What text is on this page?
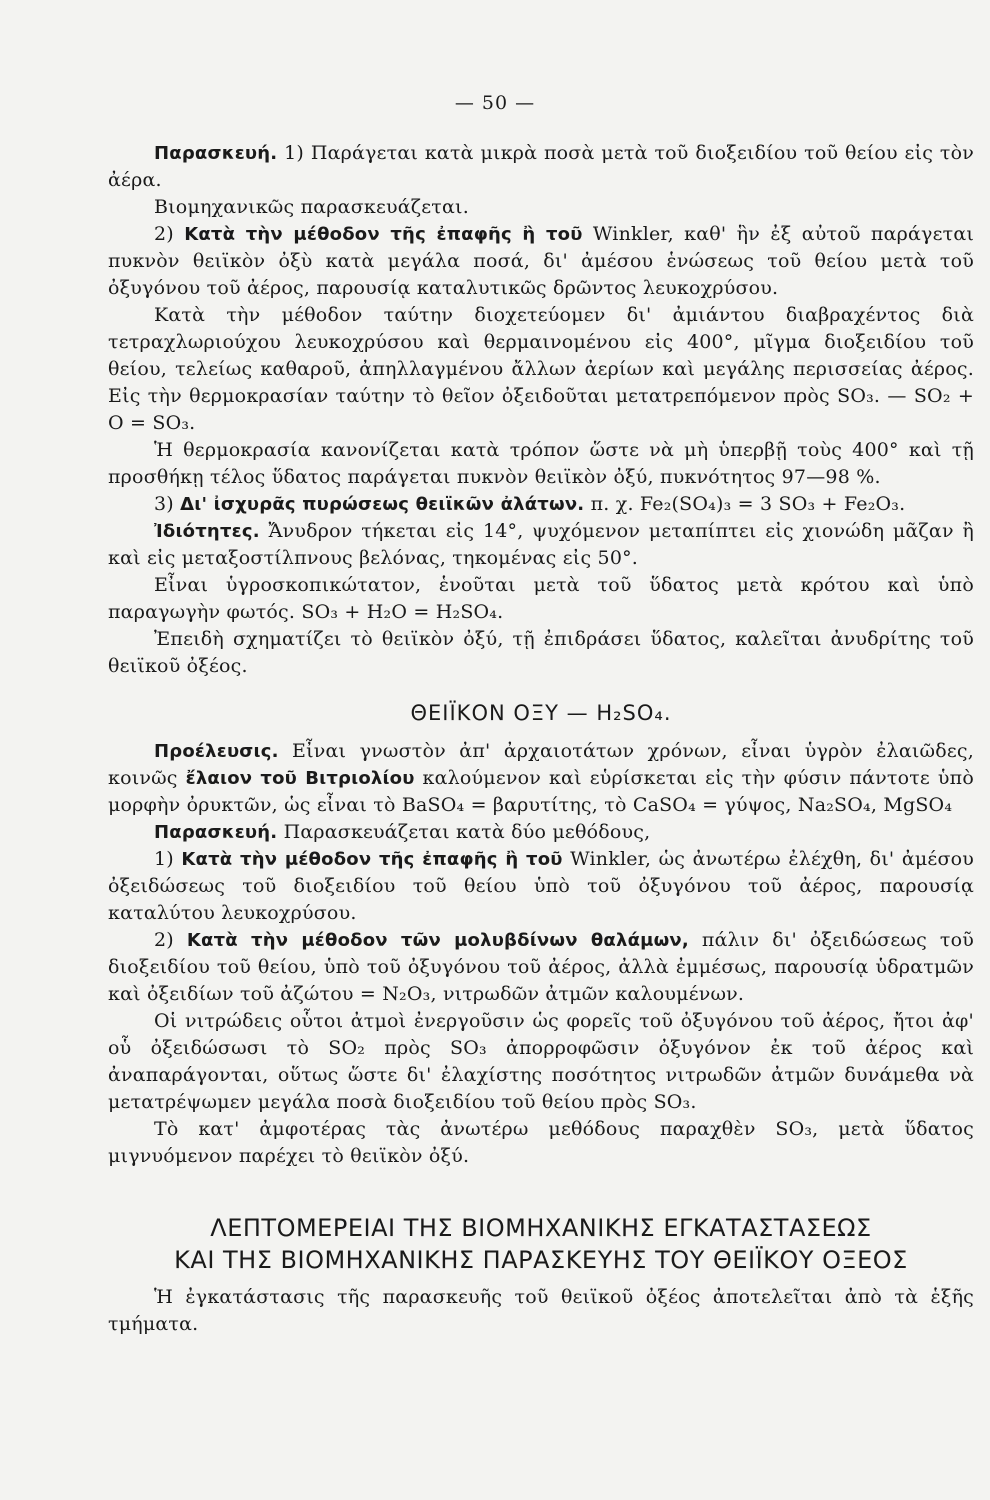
— 50 —

Παρασκευή. 1) Παράγεται κατὰ μικρὰ ποσὰ μετὰ τοῦ διοξειδίου τοῦ θείου εἰς τὸν ἀέρα.

Βιομηχανικῶς παρασκευάζεται.

2) Κατὰ τὴν μέθοδον τῆς ἐπαφῆς ἢ τοῦ Winkler, καθ' ἣν ἐξ αὐτοῦ παράγεται πυκνὸν θειϊκὸν ὀξὺ κατὰ μεγάλα ποσά, δι' ἀμέσου ἑνώσεως τοῦ θείου μετὰ τοῦ ὀξυγόνου τοῦ ἀέρος, παρουσίᾳ καταλυτικῶς δρῶντος λευκοχρύσου.

Κατὰ τὴν μέθοδον ταύτην διοχετεύομεν δι' ἀμιάντου διαβραχέντος διὰ τετραχλωριούχου λευκοχρύσου καὶ θερμαινομένου εἰς 400°, μῖγμα διοξειδίου τοῦ θείου, τελείως καθαροῦ, ἀπηλλαγμένου ἄλλων ἀερίων καὶ μεγάλης περισσείας ἀέρος. Εἰς τὴν θερμοκρασίαν ταύτην τὸ θεῖον ὀξειδοῦται μετατρεπόμενον πρὸς SO₃. — SO₂ + O = SO₃.

Ἡ θερμοκρασία κανονίζεται κατὰ τρόπον ὥστε νὰ μὴ ὑπερβῇ τοὺς 400° καὶ τῇ προσθήκῃ τέλος ὕδατος παράγεται πυκνὸν θειϊκὸν ὀξύ, πυκνότητος 97—98 %.

3) Δι' ἰσχυρᾶς πυρώσεως θειϊκῶν ἀλάτων. π. χ. Fe₂(SO₄)₃ = 3 SO₃ + Fe₂O₃.

Ἰδιότητες. Ἄνυδρον τήκεται εἰς 14°, ψυχόμενον μεταπίπτει εἰς χιονώδη μᾶζαν ἢ καὶ εἰς μεταξοστίλπνους βελόνας, τηκομένας εἰς 50°.

Εἶναι ὑγροσκοπικώτατον, ἑνοῦται μετὰ τοῦ ὕδατος μετὰ κρότου καὶ ὑπὸ παραγωγὴν φωτός. SO₃ + H₂O = H₂SO₄.

Ἐπειδὴ σχηματίζει τὸ θειϊκὸν ὀξύ, τῇ ἐπιδράσει ὕδατος, καλεῖται ἀνυδρίτης τοῦ θειϊκοῦ ὀξέος.

ΘΕΙΪΚΟΝ ΟΞΥ — H₂SO₄.

Προέλευσις. Εἶναι γνωστὸν ἀπ' ἀρχαιοτάτων χρόνων, εἶναι ὑγρὸν ἐλαιῶδες, κοινῶς ἔλαιον τοῦ Βιτριολίου καλούμενον καὶ εὑρίσκεται εἰς τὴν φύσιν πάντοτε ὑπὸ μορφὴν ὀρυκτῶν, ὡς εἶναι τὸ BaSO₄ = βαρυτίτης, τὸ CaSO₄ = γύψος, Na₂SO₄, MgSO₄

Παρασκευή. Παρασκευάζεται κατὰ δύο μεθόδους,

1) Κατὰ τὴν μέθοδον τῆς ἐπαφῆς ἢ τοῦ Winkler, ὡς ἀνωτέρω ἐλέχθη, δι' ἀμέσου ὀξειδώσεως τοῦ διοξειδίου τοῦ θείου ὑπὸ τοῦ ὀξυγόνου τοῦ ἀέρος, παρουσίᾳ καταλύτου λευκοχρύσου.

2) Κατὰ τὴν μέθοδον τῶν μολυβδίνων θαλάμων, πάλιν δι' ὀξειδώσεως τοῦ διοξειδίου τοῦ θείου, ὑπὸ τοῦ ὀξυγόνου τοῦ ἀέρος, ἀλλὰ ἐμμέσως, παρουσίᾳ ὑδρατμῶν καὶ ὀξειδίων τοῦ ἀζώτου = N₂O₃, νιτρωδῶν ἀτμῶν καλουμένων.

Οἱ νιτρώδεις οὗτοι ἀτμοὶ ἐνεργοῦσιν ὡς φορεῖς τοῦ ὀξυγόνου τοῦ ἀέρος, ἤτοι ἀφ' οὗ ὀξειδώσωσι τὸ SO₂ πρὸς SO₃ ἀπορροφῶσιν ὀξυγόνον ἐκ τοῦ ἀέρος καὶ ἀναπαράγονται, οὕτως ὥστε δι' ἐλαχίστης ποσότητος νιτρωδῶν ἀτμῶν δυνάμεθα νὰ μετατρέψωμεν μεγάλα ποσὰ διοξειδίου τοῦ θείου πρὸς SO₃.

Τὸ κατ' ἀμφοτέρας τὰς ἀνωτέρω μεθόδους παραχθὲν SO₃, μετὰ ὕδατος μιγνυόμενον παρέχει τὸ θειϊκὸν ὀξύ.

ΛΕΠΤΟΜΕΡΕΙΑΙ ΤΗΣ ΒΙΟΜΗΧΑΝΙΚΗΣ ΕΓΚΑΤΑΣΤΑΣΕΩΣ
ΚΑΙ ΤΗΣ ΒΙΟΜΗΧΑΝΙΚΗΣ ΠΑΡΑΣΚΕΥΗΣ ΤΟΥ ΘΕΙΪΚΟΥ ΟΞΕΟΣ

Ἡ ἐγκατάστασις τῆς παρασκευῆς τοῦ θειϊκοῦ ὀξέος ἀποτελεῖται ἀπὸ τὰ ἑξῆς τμήματα.
